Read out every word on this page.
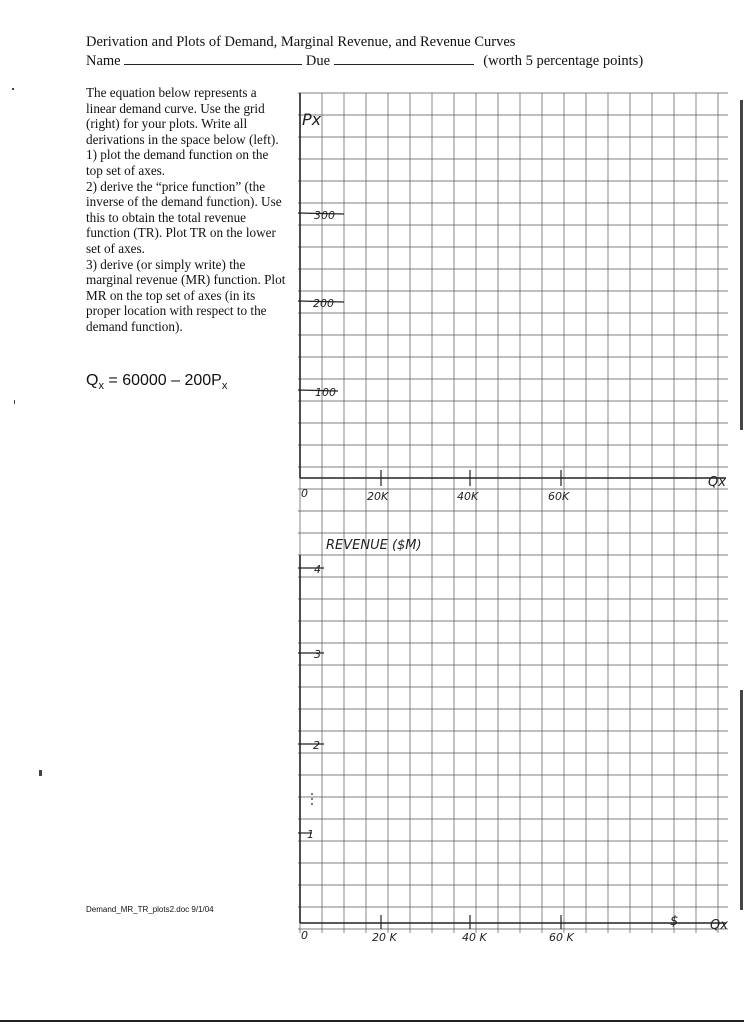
Derivation and Plots of Demand, Marginal Revenue, and Revenue Curves
Name	Due	(worth 5 percentage points)

The equation below represents a linear demand curve. Use the grid (right) for your plots. Write all derivations in the space below (left).

1) plot the demand function on the top set of axes.

2) derive the “price function” (the inverse of the demand function). Use this to obtain the total revenue function (TR). Plot TR on the lower set of axes.

3) derive (or simply write) the marginal revenue (MR) function. Plot MR on the top set of axes (in its proper location with respect to the demand function).

$Q_x = 60000 - 200P_x$
Demand_MR_TR_plots2.doc 9/1/04
Px
300
200
100
0	20K	40K	60K
Qx
REVENUE ($M)
4
3
2
1
0	20 K	40 K	60 K
$ Qx
